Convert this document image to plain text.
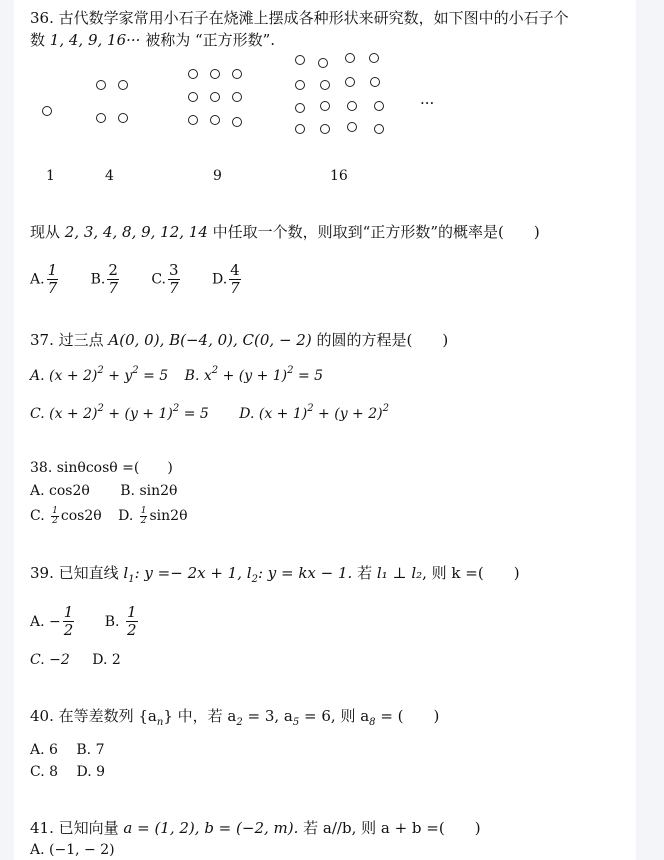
36. 古代数学家常用小石子在烧滩上摆成各种形状来研究数，如下图中的小石子个
数 1, 4, 9, 16··· 被称为 “正方形数”.
···
1	4	9	16
现从 2, 3, 4, 8, 9, 12, 14 中任取一个数，则取到“正方形数”的概率是(　　)
A. $\frac{1}{7} B$. $\frac{2}{7} C$. $\frac{3}{7} D$. $\frac{4}{7}$
37. 过三点 A(0, 0), B(−4, 0), C(0, − 2) 的圆的方程是(　　)
A. $(x + 2)^2 + y^2 = 5$ B. $x^2 + (y + 1)^2 = 5$
C. $(x + 2)^2 + (y + 1)^2 = 5$ D. $(x + 1)^2 + (y + 2)^2$
38. sinθcosθ =(　　)
A. cos2θ B. sin2θ
C. $\frac{1}{2} \cos 2\theta$ D. $\frac{1}{2} \sin 2\theta$
39. 已知直线 $l_1$: y =− 2x + 1, $l_2$: y = kx − 1. 若 l₁ ⊥ l₂, 则 k =(　　)
A. − $\frac{1}{2} B$. $\frac{1}{2}$
C. −2 D. 2
40. 在等差数列 $\{a_n\}$ 中，若 $a_2 = 3$, $a_5 = 6$, 则 $a_8$ = (　　)
A. 6 B. 7
C. 8 D. 9
41. 已知向量 a = (1, 2), b = (−2, m). 若 a//b, 则 a + b =(　　)
A. (−1, − 2)
